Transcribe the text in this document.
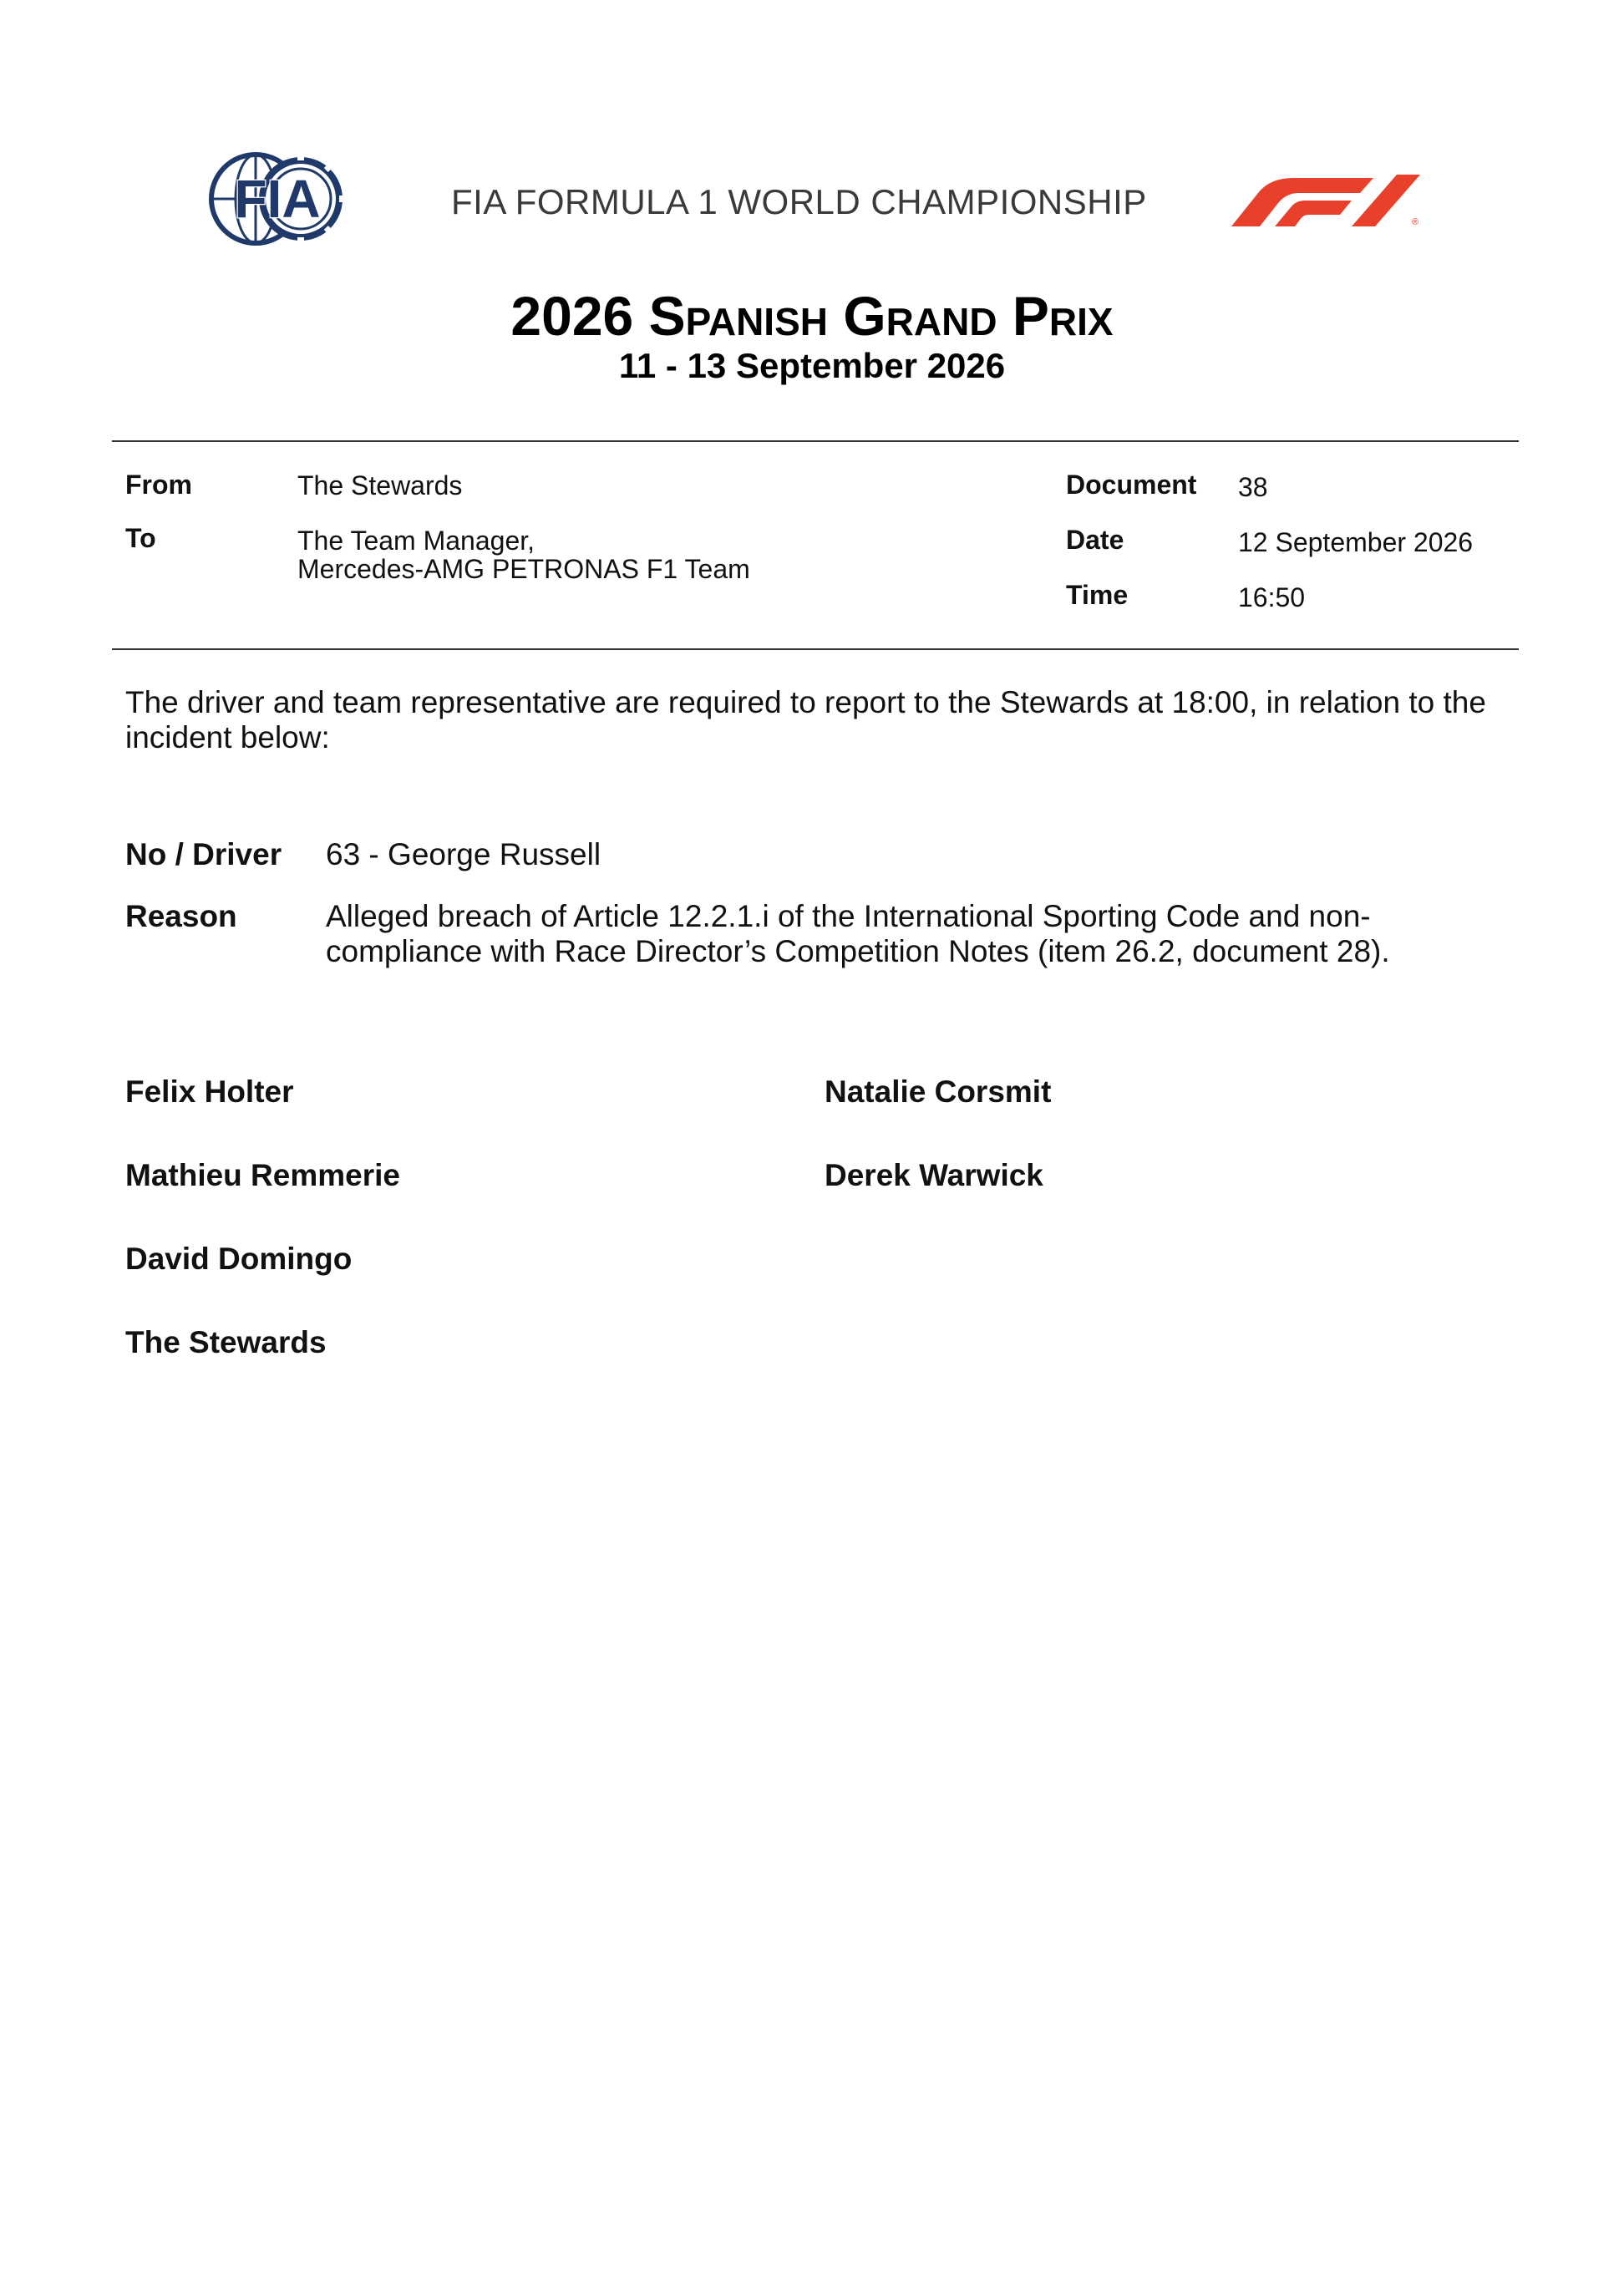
FIA	FIA FORMULA 1 WORLD CHAMPIONSHIP
®
2026 Spanish Grand Prix
11 - 13 September 2026
From	The Stewards
To	The Team Manager,
Mercedes-AMG PETRONAS F1 Team
Document 38
Date	12 September 2026
Time	16:50
The driver and team representative are required to report to the Stewards at 18:00, in relation to the incident below:
No / Driver 63 - George Russell
Reason	Alleged breach of Article 12.2.1.i of the International Sporting Code and non-
compliance with Race Director’s Competition Notes (item 26.2, document 28).
Felix Holter
Mathieu Remmerie
David Domingo
The Stewards
Natalie Corsmit
Derek Warwick
